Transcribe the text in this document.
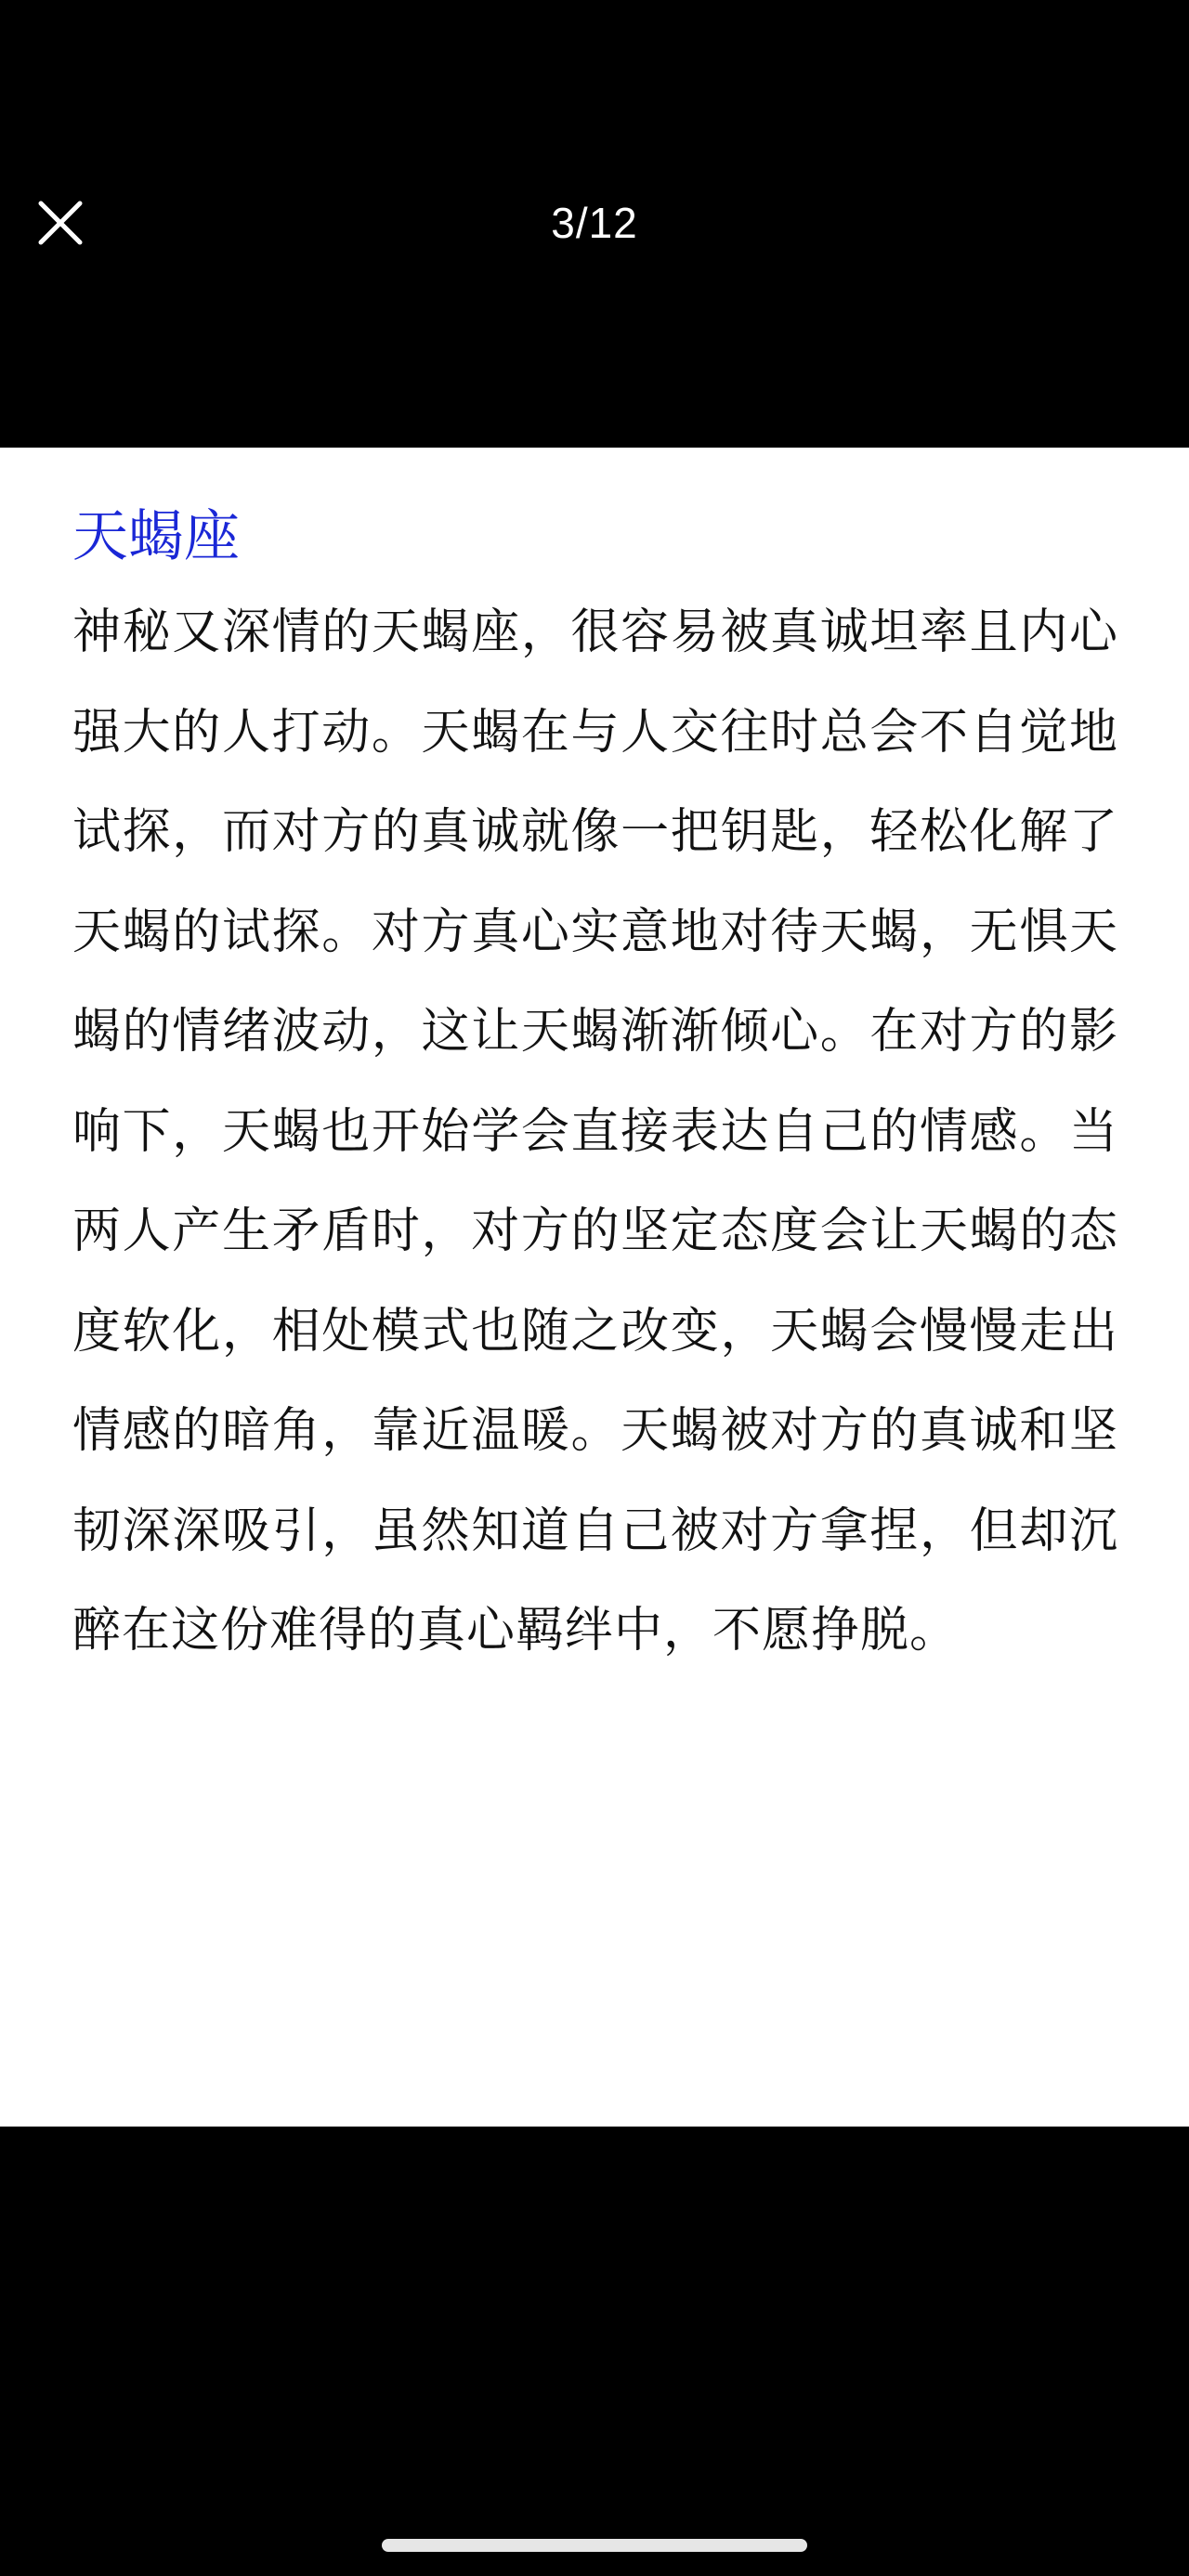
3/12
天蝎座

神秘又深情的天蝎座，很容易被真诚坦率且内心强大的人打动。天蝎在与人交往时总会不自觉地试探，而对方的真诚就像一把钥匙，轻松化解了天蝎的试探。对方真心实意地对待天蝎，无惧天蝎的情绪波动，这让天蝎渐渐倾心。在对方的影响下，天蝎也开始学会直接表达自己的情感。当两人产生矛盾时，对方的坚定态度会让天蝎的态度软化，相处模式也随之改变，天蝎会慢慢走出情感的暗角，靠近温暖。天蝎被对方的真诚和坚韧深深吸引，虽然知道自己被对方拿捏，但却沉醉在这份难得的真心羁绊中，不愿挣脱。
